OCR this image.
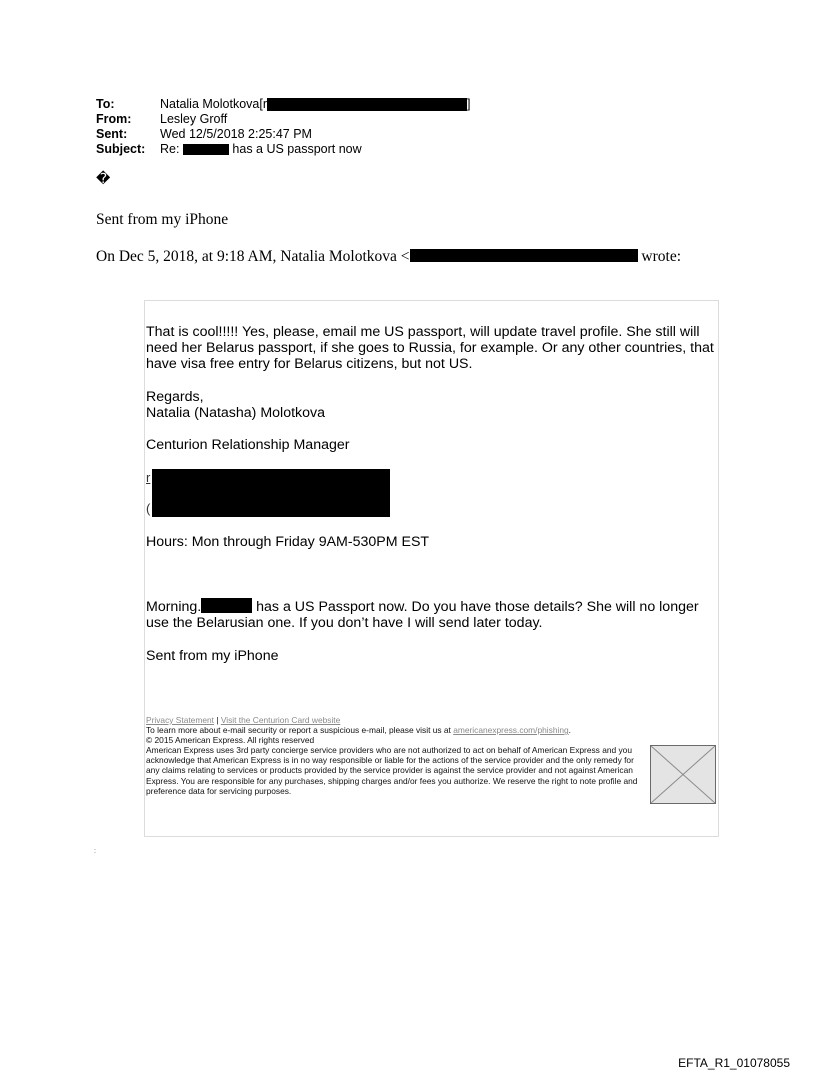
To:	Natalia Molotkova[r	]
From:	Lesley Groff
Sent:	Wed 12/5/2018 2:25:47 PM
Subject:	Re:

	has a US passport now
�
Sent from my iPhone
On Dec 5, 2018, at 9:18 AM, Natalia Molotkova <	wrote:
That is cool!!!!! Yes, please, email me US passport, will update travel profile. She still will need her Belarus passport, if she goes to Russia, for example. Or any other countries, that have visa free entry for Belarus citizens, but not US.
Regards,
Natalia (Natasha) Molotkova
Centurion Relationship Manager
r
(
Hours: Mon through Friday 9AM-530PM EST
Morning.	has a US Passport now. Do you have those details? She will no longer use the Belarusian one. If you don’t have I will send later today.
Sent from my iPhone

Privacy Statement | Visit the Centurion Card website

To learn more about e-mail security or report a suspicious e-mail, please visit us at americanexpress.com/phishing.

© 2015 American Express. All rights reserved

American Express uses 3rd party concierge service providers who are not authorized to act on behalf of American Express and you acknowledge that American Express is in no way responsible or liable for the actions of the service provider and the only remedy for any claims relating to services or products provided by the service provider is against the service provider and not against American Express. You are responsible for any purchases, shipping charges and/or fees you authorize. We reserve the right to note profile and preference data for servicing purposes.

:
EFTA_R1_01078055
